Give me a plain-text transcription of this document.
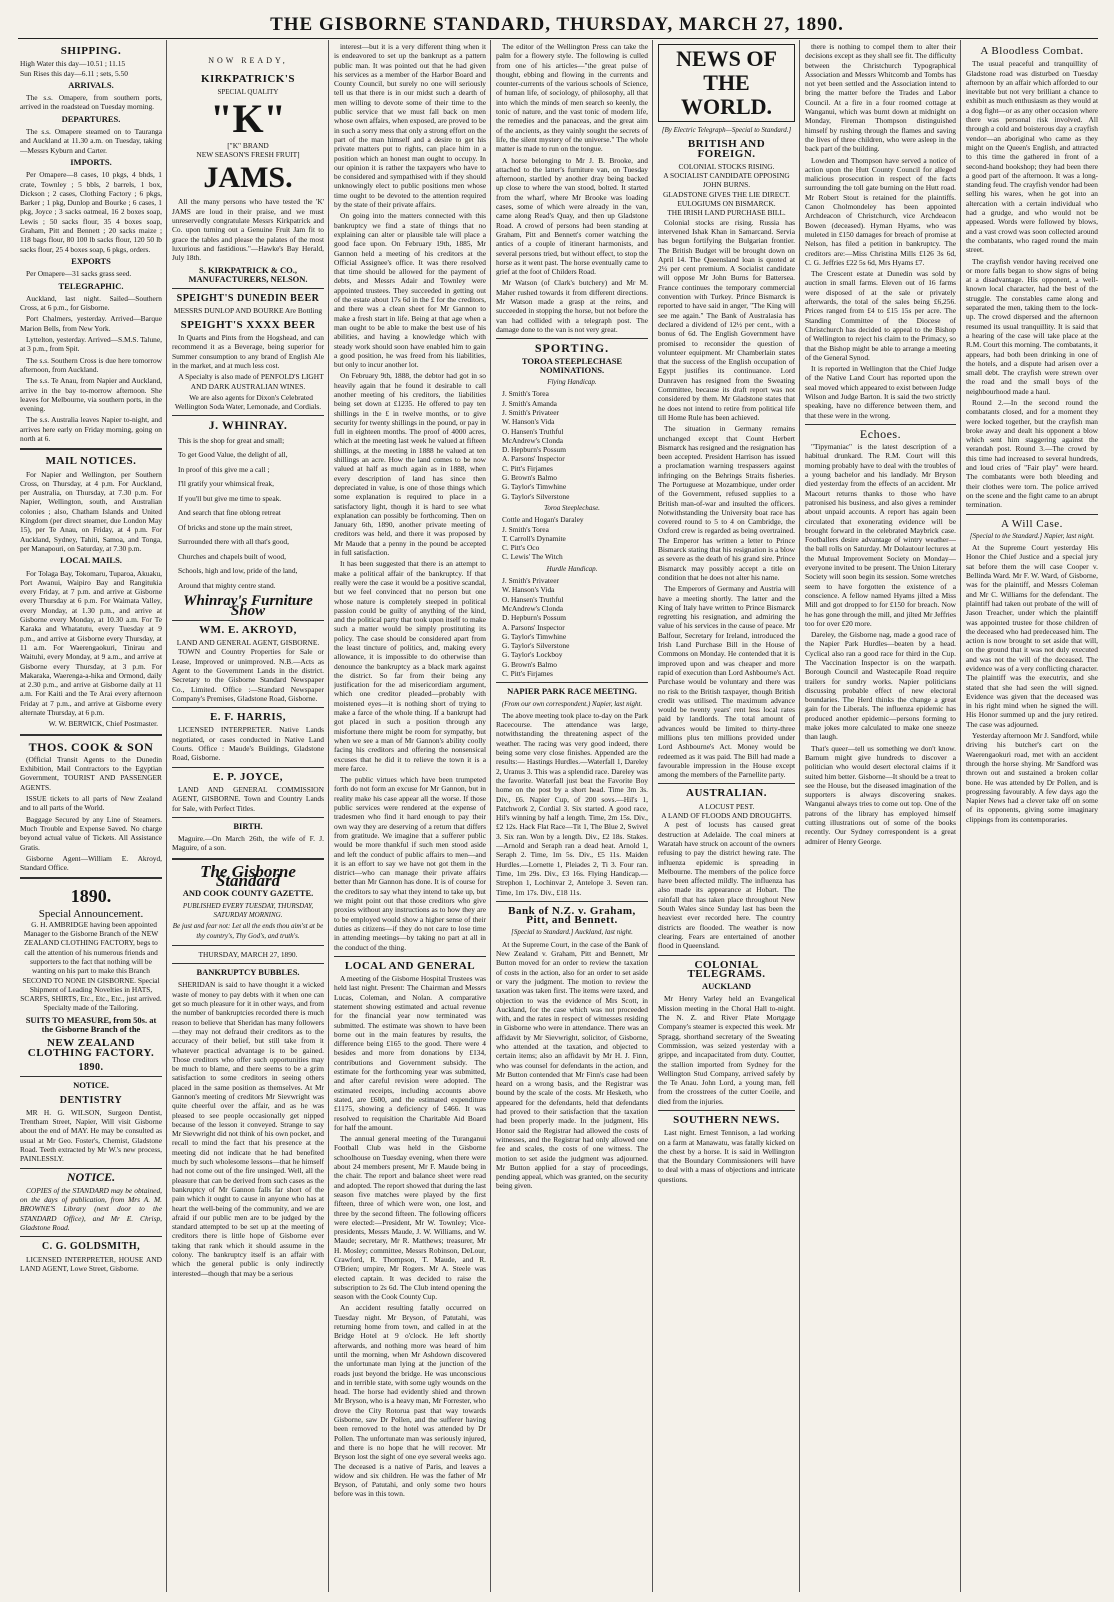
THE GISBORNE STANDARD, THURSDAY, MARCH 27, 1890.
SHIPPING.
High Water this day—10.51 ; 11.15
Sun Rises this day—6.11 ; sets, 5.50
ARRIVALS.

The s.s. Omapere, from southern ports, arrived in the roadstead on Tuesday morning.

DEPARTURES.

The s.s. Omapere steamed on to Tauranga and Auckland at 11.30 a.m. on Tuesday, taking—Messrs Kyburn and Carter.

IMPORTS.

Per Omapere—8 cases, 10 pkgs, 4 bhds, 1 crate, Townley ; 5 bbls, 2 barrels, 1 box, Dickson ; 2 cases, Clothing Factory ; 6 pkgs, Barker ; 1 pkg, Dunlop and Bourke ; 6 cases, 1 pkg, Joyce ; 3 sacks oatmeal, 16 2 boxes soap, Lewis ; 50 sacks flour, 35 4 boxes soap, Graham, Pitt and Bennett ; 20 sacks maize ; 118 bags flour, 80 100 lb sacks flour, 120 50 lb sacks flour, 25 4 boxes soap, 6 pkgs, orders.

EXPORTS

Per Omapere—31 sacks grass seed.

TELEGRAPHIC.

Auckland, last night. Sailed—Southern Cross, at 6 p.m., for Gisborne.

Port Chalmers, yesterday. Arrived—Barque Marion Bells, from New York.

Lyttelton, yesterday. Arrived—S.M.S. Talune, at 3 p.m., from Spit.

The s.s. Southern Cross is due here tomorrow afternoon, from Auckland.

The s.s. Te Anau, from Napier and Auckland, arrive in the bay to-morrow afternoon. She leaves for Melbourne, via southern ports, in the evening.

The s.s. Australia leaves Napier to-night, and arrives here early on Friday morning, going on north at 6.

MAIL NOTICES.

For Napier and Wellington, per Southern Cross, on Thursday, at 4 p.m. For Auckland, per Australia, on Thursday, at 7.30 p.m. For Napier, Wellington, south, and Australian colonies ; also, Chatham Islands and United Kingdom (per direct steamer, due London May 15), per Te Anau, on Friday, at 4 p.m. For Auckland, Sydney, Tahiti, Samoa, and Tonga, per Manapouri, on Saturday, at 7.30 p.m.

LOCAL MAILS.

For Tolaga Bay, Tokomaru, Tuparoa, Akuaku, Port Awanui, Waipiro Bay and Rangitukia every Friday, at 7 p.m. and arrive at Gisborne every Thursday at 6 p.m. For Waimata Valley, every Monday, at 1.30 p.m., and arrive at Gisborne every Monday, at 10.30 a.m. For Te Karaka and Whatatutu, every Tuesday at 9 p.m., and arrive at Gisborne every Thursday, at 11 a.m. For Waerengaokuri, Tinirau and Waituhi, every Monday, at 9 a.m., and arrive at Gisborne every Thursday, at 3 p.m. For Makaraka, Waerenga-a-hika and Ormond, daily at 2.30 p.m., and arrive at Gisborne daily at 11 a.m. For Kaiti and the Te Arai every afternoon Friday at 7 p.m., and arrive at Gisborne every alternate Thursday, at 6 p.m.

W. W. BERWICK, Chief Postmaster.
THOS. COOK & SON

(Official Transit Agents to the Dunedin Exhibition, Mail Contractors to the Egyptian Government, TOURIST AND PASSENGER AGENTS.

ISSUE tickets to all parts of New Zealand and to all parts of the World.

Baggage Secured by any Line of Steamers. Much Trouble and Expense Saved. No charge beyond actual value of Tickets. All Assistance Gratis.

Gisborne Agent—William E. Akroyd, Standard Office.

1890.
Special Announcement.

G. H. AMBRIDGE having been appointed Manager to the Gisborne Branch of the NEW ZEALAND CLOTHING FACTORY, begs to call the attention of his numerous friends and supporters to the fact that nothing will be wanting on his part to make this Branch SECOND TO NONE IN GISBORNE. Special Shipment of Leading Novelties in HATS, SCARFS, SHIRTS, Etc., Etc., Etc., just arrived. Specialty made of the Tailoring.

SUITS TO MEASURE, from 50s. at the Gisborne Branch of the
NEW ZEALAND CLOTHING FACTORY.
1890.
NOTICE.
DENTISTRY

MR H. G. WILSON, Surgeon Dentist, Trentham Street, Napier, Will visit Gisborne about the end of MAY. He may be consulted as usual at Mr Geo. Foster's, Chemist, Gladstone Road. Teeth extracted by Mr W.'s new process, PAINLESSLY.

NOTICE.

COPIES of the STANDARD may be obtained, on the days of publication, from Mrs A. M. BROWNE'S Library (next door to the STANDARD Office), and Mr E. Chrisp, Gladstone Road.

C. G. GOLDSMITH,

LICENSED INTERPRETER, HOUSE AND LAND AGENT, Lowe Street, Gisborne.

NOW READY,
KIRKPATRICK'S
SPECIAL QUALITY
"K"
["K" BRAND
NEW SEASON'S FRESH FRUIT]
JAMS.

All the many persons who have tested the 'K' JAMS are loud in their praise, and we must unreservedly congratulate Messrs Kirkpatrick and Co. upon turning out a Genuine Fruit Jam fit to grace the tables and please the palates of the most luxurious and fastidious."—Hawke's Bay Herald, July 18th.

S. KIRKPATRICK & CO., MANUFACTURERS, NELSON.
SPEIGHT'S DUNEDIN BEER
MESSRS DUNLOP AND BOURKE Are Bottling
SPEIGHT'S XXXX BEER

In Quarts and Pints from the Hogshead, and can recommend it as a Beverage, being superior for Summer consumption to any brand of English Ale in the market, and at much less cost.

A Specialty is also made of PENFOLD'S LIGHT AND DARK AUSTRALIAN WINES.

We are also agents for Dixon's Celebrated Wellington Soda Water, Lemonade, and Cordials.

J. WHINRAY.
This is the shop for great and small;
To get Good Value, the delight of all,
In proof of this give me a call ;
I'll gratify your whimsical freak,
If you'll but give me time to speak.
And search that fine oblong retreat
Of bricks and stone up the main street,
Surrounded there with all that's good,
Churches and chapels built of wood,
Schools, high and low, pride of the land,
Around that mighty centre stand.
Whinray's Furniture Show
WM. E. AKROYD,
LAND AND GENERAL AGENT, GISBORNE.

TOWN and Country Properties for Sale or Lease, Improved or unimproved. N.B.—Acts as Agent to the Government Lands in the district. Secretary to the Gisborne Standard Newspaper Co., Limited. Office :—Standard Newspaper Company's Premises, Gladstone Road, Gisborne.

E. F. HARRIS,

LICENSED INTERPRETER. Native Lands negotiated, or cases conducted in Native Land Courts. Office : Maude's Buildings, Gladstone Road, Gisborne.

E. P. JOYCE,

LAND AND GENERAL COMMISSION AGENT, GISBORNE. Town and Country Lands for Sale, with Perfect Titles.

BIRTH.

Maguire.—On March 26th, the wife of F. J. Maguire, of a son.

The Gisborne Standard
AND COOK COUNTY GAZETTE.
PUBLISHED EVERY TUESDAY, THURSDAY, SATURDAY MORNING.
Be just and fear not: Let all the ends thou aim'st at be thy country's, Thy God's, and truth's.
THURSDAY, MARCH 27, 1890.
BANKRUPTCY BUBBLES.

SHERIDAN is said to have thought it a wicked waste of money to pay debts with it when one can get so much pleasure for it in other ways, and from the number of bankruptcies recorded there is much reason to believe that Sheridan has many followers—they may not defraud their creditors as to the accuracy of their belief, but still take from it whatever practical advantage is to be gained. Those creditors who offer such opportunities may be much to blame, and there seems to be a grim satisfaction to some creditors in seeing others placed in the same position as themselves. At Mr Gannon's meeting of creditors Mr Sievwright was quite cheerful over the affair, and as he was pleased to see people occasionally get nipped because of the lesson it conveyed. Strange to say Mr Sievwright did not think of his own pocket, and recall to mind the fact that his presence at the meeting did not indicate that he had benefited much by such wholesome lessons—that he himself had not come out of the fire unsinged. Well, all the pleasure that can be derived from such cases as the bankruptcy of Mr Gannon falls far short of the pain which it ought to cause in anyone who has at heart the well-being of the community, and we are afraid if our public men are to be judged by the standard attempted to be set up at the meeting of creditors there is little hope of Gisborne ever taking that rank which it should assume in the colony. The bankruptcy itself is an affair with which the general public is only indirectly interested—though that may be a serious

interest—but it is a very different thing when it is endeavored to set up the bankrupt as a pattern public man. It was pointed out that he had given his services as a member of the Harbor Board and County Council, but surely no one will seriously tell us that there is in our midst such a dearth of men willing to devote some of their time to the public service that we must fall back on men whose own affairs, when exposed, are proved to be in such a sorry mess that only a strong effort on the part of the man himself and a desire to get his private matters put to rights, can place him in a position which an honest man ought to occupy. In our opinion it is rather the taxpayers who have to be considered and sympathised with if they should unknowingly elect to public positions men whose time ought to be devoted to the attention required by the state of their private affairs.

On going into the matters connected with this bankruptcy we find a state of things that no explaining can alter or plausible tale will place a good face upon. On February 19th, 1885, Mr Gannon held a meeting of his creditors at the Official Assignee's office. It was there resolved that time should be allowed for the payment of debts, and Messrs Adair and Townley were appointed trustees. They succeeded in getting out of the estate about 17s 6d in the £ for the creditors, and there was a clean sheet for Mr Gannon to make a fresh start in life. Being at that age when a man ought to be able to make the best use of his abilities, and having a knowledge which with steady work should soon have enabled him to gain a good position, he was freed from his liabilities, but only to incur another lot.

On February 9th, 1888, the debtor had got in so heavily again that he found it desirable to call another meeting of his creditors, the liabilities being set down at £1235. He offered to pay ten shillings in the £ in twelve months, or to give security for twenty shillings in the pound, or pay in full in eighteen months. The proof of 4000 acres, which at the meeting last week he valued at fifteen shillings, at the meeting in 1888 he valued at ten shillings an acre. How the land comes to be now valued at half as much again as in 1888, when every description of land has since then depreciated in value, is one of those things which some explanation is required to place in a satisfactory light, though it is hard to see what explanation can possibly be forthcoming. Then on January 6th, 1890, another private meeting of creditors was held, and there it was proposed by Mr Maude that a penny in the pound be accepted in full satisfaction.

It has been suggested that there is an attempt to make a political affair of the bankruptcy. If that really were the case it would be a positive scandal, but we feel convinced that no person but one whose nature is completely steeped in political passion could be guilty of anything of the kind, and the political party that took upon itself to make such a matter would be simply prostituting its policy. The case should be considered apart from the least tincture of politics, and, making every allowance, it is impossible to do otherwise than denounce the bankruptcy as a black mark against the district. So far from their being any justification for the ad misericordiam argument, which one creditor pleaded—probably with moistened eyes—it is nothing short of trying to make a farce of the whole thing. If a bankrupt had got placed in such a position through any misfortune there might be room for sympathy, but when we see a man of Mr Gannon's ability coolly facing his creditors and offering the nonsensical excuses that he did it to relieve the town it is a mere farce.

The public virtues which have been trumpeted forth do not form an excuse for Mr Gannon, but in reality make his case appear all the worse. If those public services were rendered at the expense of tradesmen who find it hard enough to pay their own way they are deserving of a return that differs from gratitude. We imagine that a sufferer public would be more thankful if such men stood aside and left the conduct of public affairs to men—and it is an effort to say we have not got them in the district—who can manage their private affairs better than Mr Gannon has done. It is of course for the creditors to say what they intend to take up, but we might point out that those creditors who give proxies without any instructions as to how they are to be employed would show a higher sense of their duties as citizens—if they do not care to lose time in attending meetings—by taking no part at all in the conduct of the thing.

LOCAL AND GENERAL

A meeting of the Gisborne Hospital Trustees was held last night. Present: The Chairman and Messrs Lucas, Coleman, and Nolan. A comparative statement showing estimated and actual revenue for the financial year now terminated was submitted. The estimate was shown to have been borne out in the main features by results, the difference being £165 to the good. There were 4 besides and more from donations by £134, contributions and Government subsidy. The estimate for the forthcoming year was submitted, and after careful revision were adopted. The estimated receipts, including accounts above stated, are £600, and the estimated expenditure £1175, showing a deficiency of £466. It was resolved to requisition the Charitable Aid Board for half the amount.

The annual general meeting of the Turanganui Football Club was held in the Gisborne schoolhouse on Tuesday evening, when there were about 24 members present, Mr F. Maude being in the chair. The report and balance sheet were read and adopted. The report showed that during the last season five matches were played by the first fifteen, three of which were won, one lost, and three by the second fifteen. The following officers were elected:—President, Mr W. Townley; Vice-presidents, Messrs Maude, J. W. Williams, and W. Maude; secretary, Mr R. Matthews; treasurer, Mr H. Mosley; committee, Messrs Robinson, DeLour, Crawford, R. Thompson, T. Maude, and R. O'Brien; umpire, Mr Rogers. Mr A. Steele was elected captain. It was decided to raise the subscription to 2s 6d. The Club intend opening the season with the Cook County Cup.

An accident resulting fatally occurred on Tuesday night. Mr Bryson, of Patutahi, was returning home from town, and called in at the Bridge Hotel at 9 o'clock. He left shortly afterwards, and nothing more was heard of him until the morning, when Mr Ashdown discovered the unfortunate man lying at the junction of the roads just beyond the bridge. He was unconscious and in terrible state, with some ugly wounds on the head. The horse had evidently shied and thrown Mr Bryson, who is a heavy man, Mr Forrester, who drove the City Rotorua past that way towards Gisborne, saw Dr Pollen, and the sufferer having been removed to the hotel was attended by Dr Pollen. The unfortunate man was seriously injured, and there is no hope that he will recover. Mr Bryson lost the sight of one eye several weeks ago. The deceased is a native of Paris, and leaves a widow and six children. He was the father of Mr Bryson, of Patutahi, and only some two hours before was in this town.

The editor of the Wellington Press can take the palm for a flowery style. The following is culled from one of his articles—"the great pulse of thought, ebbing and flowing in the currents and counter-currents of the various schools of Science, of human life, of sociology, of philosophy, all that into which the minds of men search so keenly, the tonic of nature, and the vast tonic of modern life, the remedies and the panaceas, and the great aim of the ancients, as they vainly sought the secrets of life, the silent mystery of the universe." The whole matter is made to run on the tongue.

A horse belonging to Mr J. B. Brooke, and attached to the latter's furniture van, on Tuesday afternoon, startled by another dray being backed up close to where the van stood, bolted. It started from the wharf, where Mr Brooke was loading cases, some of which were already in the van, came along Read's Quay, and then up Gladstone Road. A crowd of persons had been standing at Graham, Pitt and Bennett's corner watching the antics of a couple of itinerant harmonists, and several persons tried, but without effect, to stop the horse as it went past. The horse eventually came to grief at the foot of Childers Road.

Mr Watson (of Clark's butchery) and Mr M. Maher rushed towards it from different directions. Mr Watson made a grasp at the reins, and succeeded in stopping the horse, but not before the van had collided with a telegraph post. The damage done to the van is not very great.

SPORTING.
TOROA STEEPLECHASE NOMINATIONS.
Flying Handicap.
J. Smith's Torea
J. Smith's Amanda
J. Smith's Privateer
W. Hanson's Vida
O. Hansen's Truthful
McAndrew's Clonda
D. Hepburn's Possum
A. Parsons' Inspector
C. Pitt's Firjames
G. Brown's Balmo
G. Taylor's Timwhine
G. Taylor's Silverstone
Toroa Steeplechase.
Cottle and Hogan's Daraley
J. Smith's Torea
T. Carroll's Dynamite
C. Pitt's Oco
C. Lewis' The Witch
Hurdle Handicap.
J. Smith's Privateer
W. Hanson's Vida
O. Hansen's Truthful
McAndrew's Clonda
D. Hepburn's Possum
A. Parsons' Inspector
G. Taylor's Timwhine
G. Taylor's Silverstone
G. Taylor's Lockboy
G. Brown's Balmo
C. Pitt's Firjames
NAPIER PARK RACE MEETING.
(From our own correspondent.) Napier, last night.

The above meeting took place to-day on the Park Racecourse. The attendance was large, notwithstanding the threatening aspect of the weather. The racing was very good indeed, there being some very close finishes. Appended are the results:— Hastings Hurdles.—Waterfall 1, Dareley 2, Uranus 3. This was a splendid race. Dareley was the favorite. Waterfall just beat the Favorite Boy home on the post by a short head. Time 3m 3s. Div., £6. Napier Cup, of 200 sovs.—Hil's 1, Patchwork 2, Cordial 3. Six started. A good race, Hil's winning by half a length. Time, 2m 15s. Div., £2 12s. Hack Flat Race—Tit 1, The Blue 2, Swivel 3. Six ran. Won by a length. Div., £2 18s. Stakes.—Arnold and Seraph ran a dead heat. Arnold 1, Seraph 2. Time, 1m 5s. Div., £5 11s. Maiden Hurdles.—Lornette 1, Pleiades 2, Ti 3. Four ran. Time, 1m 29s. Div., £3 16s. Flying Handicap.—Strephon 1, Lochinvar 2, Antelope 3. Seven ran. Time, 1m 17s. Div., £18 11s.

Bank of N.Z. v. Graham, Pitt, and Bennett.
[Special to Standard.] Auckland, last night.

At the Supreme Court, in the case of the Bank of New Zealand v. Graham, Pitt and Bennett, Mr Button moved for an order to review the taxation of costs in the action, also for an order to set aside or vary the judgment. The motion to review the taxation was taken first. The items were taxed, and objection to was the evidence of Mrs Scott, in Auckland, for the case which was not proceeded with, and the rates in respect of witnesses residing in Gisborne who were in attendance. There was an affidavit by Mr Sievwright, solicitor, of Gisborne, who attended at the taxation, and objected to certain items; also an affidavit by Mr H. J. Finn, who was counsel for defendants in the action, and Mr Button contended that Mr Finn's case had been heard on a wrong basis, and the Registrar was bound by the scale of the costs. Mr Hesketh, who appeared for the defendants, held that defendants had proved to their satisfaction that the taxation had been properly made. In the judgment, His Honor said the Registrar had allowed the costs of witnesses, and the Registrar had only allowed one fee and scales, the costs of one witness. The motion to set aside the judgment was adjourned. Mr Button applied for a stay of proceedings, pending appeal, which was granted, on the security being given.

NEWS OF THE WORLD.
[By Electric Telegraph—Special to Standard.]
BRITISH AND FOREIGN.
COLONIAL STOCKS RISING.
A SOCIALIST CANDIDATE OPPOSING JOHN BURNS.
GLADSTONE GIVES THE LIE DIRECT.
EULOGIUMS ON BISMARCK.
THE IRISH LAND PURCHASE BILL.

Colonial stocks are rising. Russia has intervened Ishak Khan in Samarcand. Servia has begun fortifying the Bulgarian frontier. The British Budget will be brought down on April 14. The Queensland loan is quoted at 2¼ per cent premium. A Socialist candidate will oppose Mr John Burns for Battersea. France continues the temporary commercial convention with Turkey. Prince Bismarck is reported to have said in anger, "The King will see me again." The Bank of Australasia has declared a dividend of 12½ per cent., with a bonus of 6d. The English Government have promised to reconsider the question of volunteer equipment. Mr Chamberlain states that the success of the English occupation of Egypt justifies its continuance. Lord Dunraven has resigned from the Sweating Committee, because its draft report was not considered by them. Mr Gladstone states that he does not intend to retire from political life till Home Rule has been achieved.

The situation in Germany remains unchanged except that Count Herbert Bismarck has resigned and the resignation has been accepted. President Harrison has issued a proclamation warning trespassers against infringing on the Behrings Straits fisheries. The Portuguese at Mozambique, under order of the Government, refused supplies to a British man-of-war and insulted the officers. Notwithstanding the University boat race has covered round to 5 to 4 on Cambridge, the Oxford crew is regarded as being overtrained. The Emperor has written a letter to Prince Bismarck stating that his resignation is a blow as severe as the death of his grand sire. Prince Bismarck may possibly accept a title on condition that he does not alter his name.

The Emperors of Germany and Austria will have a meeting shortly. The latter and the King of Italy have written to Prince Bismarck regretting his resignation, and admiring the value of his services in the cause of peace. Mr Balfour, Secretary for Ireland, introduced the Irish Land Purchase Bill in the House of Commons on Monday. He contended that it is improved upon and was cheaper and more rapid of execution than Lord Ashbourne's Act. Purchase would be voluntary and there was no risk to the British taxpayer, though British credit was utilised. The maximum advance would be twenty years' rent less local rates paid by landlords. The total amount of advances would be limited to thirty-three millions plus ten millions provided under Lord Ashbourne's Act. Money would be redeemed as it was paid. The Bill had made a favourable impression in the House except among the members of the Parnellite party.

AUSTRALIAN.
A LOCUST PEST.
A LAND OF FLOODS AND DROUGHTS.

A pest of locusts has caused great destruction at Adelaide. The coal miners at Waratah have struck on account of the owners refusing to pay the district hewing rate. The influenza epidemic is spreading in Melbourne. The members of the police force have been affected mildly. The influenza has also made its appearance at Hobart. The rainfall that has taken place throughout New South Wales since Sunday last has been the heaviest ever recorded here. The country districts are flooded. The weather is now clearing. Fears are entertained of another flood in Queensland.

COLONIAL TELEGRAMS.
AUCKLAND

Mr Henry Varley held an Evangelical Mission meeting in the Choral Hall to-night. The N. Z. and River Plate Mortgage Company's steamer is expected this week. Mr Spragg, shorthand secretary of the Sweating Commission, was seized yesterday with a grippe, and incapacitated from duty. Coutter, the stallion imported from Sydney for the Wellington Stud Company, arrived safely by the Te Anau. John Lord, a young man, fell from the crosstrees of the cutter Coeile, and died from the injuries.

SOUTHERN NEWS.

Last night. Ernest Tennison, a lad working on a farm at Manawatu, was fatally kicked on the chest by a horse. It is said in Wellington that the Boundary Commissioners will have to deal with a mass of objections and intricate questions.

there is nothing to compel them to alter their decisions except as they shall see fit. The difficulty between the Christchurch Typographical Association and Messrs Whitcomb and Tombs has not yet been settled and the Association intend to bring the matter before the Trades and Labor Council. At a fire in a four roomed cottage at Wanganui, which was burnt down at midnight on Monday, Fireman Thompson distinguished himself by rushing through the flames and saving the lives of three children, who were asleep in the back part of the building.

Lowden and Thompson have served a notice of action upon the Hutt County Council for alleged malicious prosecution in respect of the facts surrounding the toll gate burning on the Hutt road. Mr Robert Stout is retained for the plaintiffs. Canon Cholmondeley has been appointed Archdeacon of Christchurch, vice Archdeacon Bowen (deceased). Hyman Hyams, who was muleted in £150 damages for breach of promise at Nelson, has filed a petition in bankruptcy. The creditors are:—Miss Christina Mills £126 3s 6d, C. G. Jeffries £22 5s 6d, Mrs Hyams £7.

The Crescent estate at Dunedin was sold by auction in small farms. Eleven out of 16 farms were disposed of at the sale or privately afterwards, the total of the sales being £6,256. Prices ranged from £4 to £15 15s per acre. The Standing Committee of the Diocese of Christchurch has decided to appeal to the Bishop of Wellington to reject his claim to the Primacy, so that the Bishop might be able to arrange a meeting of the General Synod.

It is reported in Wellington that the Chief Judge of the Native Land Court has reported upon the seal moved which appeared to exist between Judge Wilson and Judge Barton. It is said the two strictly speaking, have no difference between them, and that these were in the wrong.

Echoes.

"Tipymaniac" is the latest description of a habitual drunkard. The R.M. Court will this morning probably have to deal with the troubles of a young bachelor and his landlady. Mr Bryson died yesterday from the effects of an accident. Mr Macourt returns thanks to those who have patronised his business, and also gives a reminder about unpaid accounts. A report has again been circulated that exonerating evidence will be brought forward in the celebrated Maybrick case. Footballers desire advantage of wintry weather—the ball rolls on Saturday. Mr Dolautour lectures at the Mutual Improvement Society on Monday—everyone invited to be present. The Union Literary Society will soon begin its session. Some wretches seem to have forgotten the existence of a conscience. A fellow named Hyams jilted a Miss Mill and got dropped to for £150 for breach. Now he has gone through the mill, and jilted Mr Jeffries too for over £20 more.

Dareley, the Gisborne nag, made a good race of the Napier Park Hurdles—beaten by a head. Cyclical also ran a good race for third in the Cup. The Vaccination Inspector is on the warpath. Borough Council and Wastecapile Road require trailers for sundry works. Napier politicians discussing probable effect of new electoral boundaries. The Herd thinks the change a great gain for the Liberals. The influenza epidemic has produced another epidemic—persons forming to make jokes more calculated to make one sneeze than laugh.

That's queer—tell us something we don't know. Barnum might give hundreds to discover a politician who would desert electoral claims if it suited him better. Gisborne—It should be a treat to see the House, but the diseased imagination of the supporters is always discovering snakes. Wanganui always tries to come out top. One of the patrons of the library has employed himself cutting illustrations out of some of the books recently. Our Sydney correspondent is a great admirer of Henry George.

A Bloodless Combat.

The usual peaceful and tranquillity of Gladstone road was disturbed on Tuesday afternoon by an affair which afforded to our inevitable but not very brilliant a chance to exhibit as much enthusiasm as they would at a dog fight—or as any other occasion where there was personal risk involved. All through a cold and boisterous day a crayfish vendor—an aboriginal who came as they might on the Queen's English, and attracted to this time the gathered in front of a second-hand bookshop; they had been there a good part of the afternoon. It was a long-standing feud. The crayfish vendor had been selling his wares, when he got into an altercation with a certain individual who had a grudge, and who would not be appeased. Words were followed by blows, and a vast crowd was soon collected around the combatants, who raged round the main street.

The crayfish vendor having received one or more falls began to show signs of being at a disadvantage. His opponent, a well-known local character, had the best of the struggle. The constables came along and separated the men, taking them to the lock-up. The crowd dispersed and the afternoon resumed its usual tranquillity. It is said that a hearing of the case will take place at the R.M. Court this morning. The combatants, it appears, had both been drinking in one of the hotels, and a dispute had arisen over a small debt. The crayfish were strewn over the road and the small boys of the neighbourhood made a haul.

Round 2.—In the second round the combatants closed, and for a moment they were locked together, but the crayfish man broke away and dealt his opponent a blow which sent him staggering against the verandah post. Round 3.—The crowd by this time had increased to several hundreds, and loud cries of "Fair play" were heard. The combatants were both bleeding and their clothes were torn. The police arrived on the scene and the fight came to an abrupt termination.

A Will Case.
[Special to the Standard.] Napier, last night.

At the Supreme Court yesterday His Honor the Chief Justice and a special jury sat before them the will case Cooper v. Bellinda Ward. Mr F. W. Ward, of Gisborne, was for the plaintiff, and Messrs Coleman and Mr C. Williams for the defendant. The plaintiff had taken out probate of the will of Jason Treacher, under which the plaintiff was appointed trustee for those children of the deceased who had predeceased him. The action is now brought to set aside that will, on the ground that it was not duly executed and was not the will of the deceased. The evidence was of a very conflicting character. The plaintiff was the executrix, and she stated that she had seen the will signed. Evidence was given that the deceased was in his right mind when he signed the will. His Honor summed up and the jury retired. The case was adjourned.

Yesterday afternoon Mr J. Sandford, while driving his butcher's cart on the Waerengaokuri road, met with an accident through the horse shying. Mr Sandford was thrown out and sustained a broken collar bone. He was attended by Dr Pollen, and is progressing favourably. A few days ago the Napier News had a clever take off on some of its opponents, giving some imaginary clippings from its contemporaries.
